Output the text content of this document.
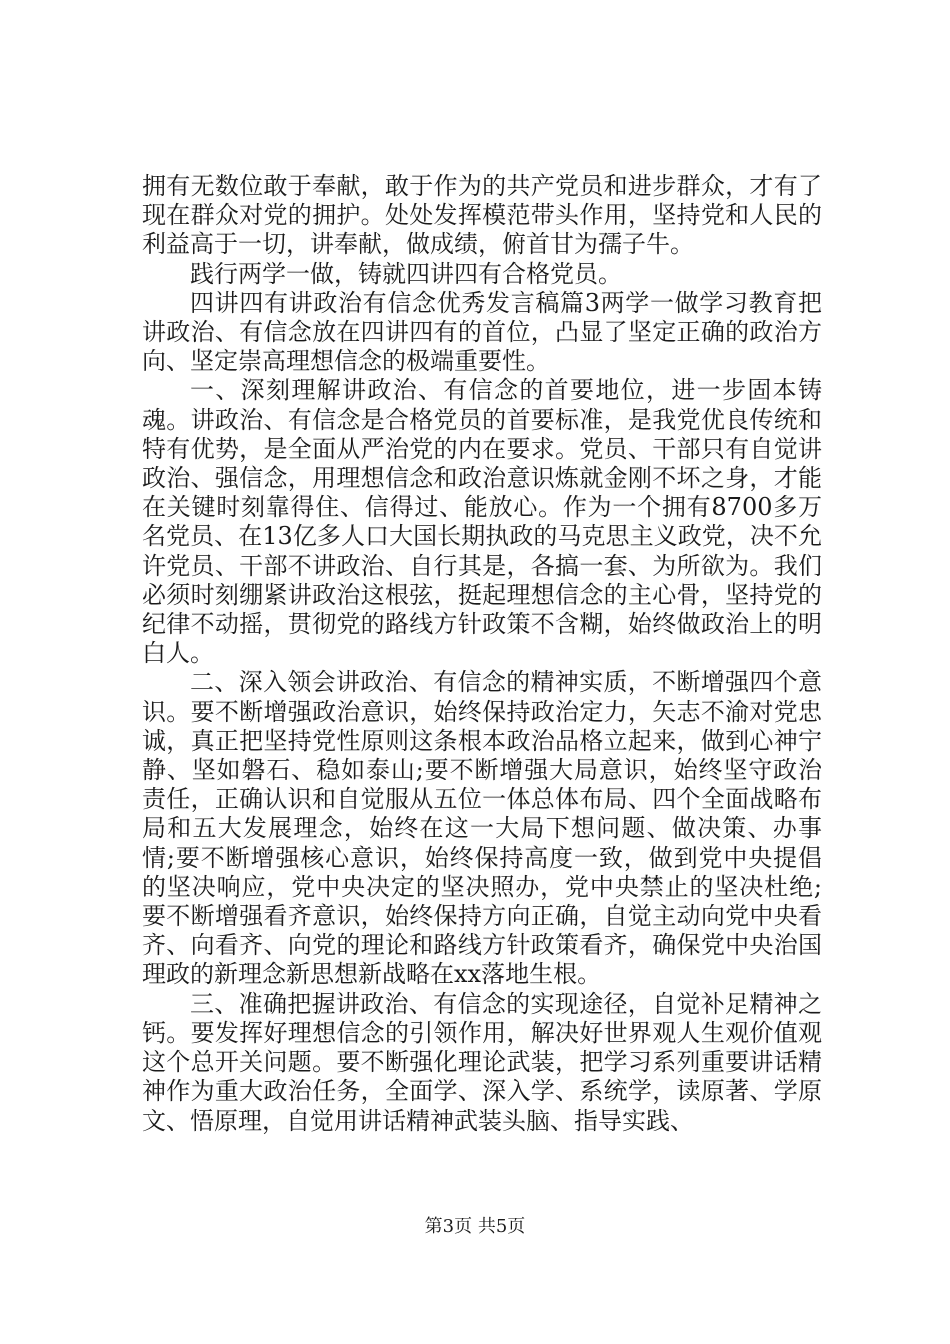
拥有无数位敢于奉献，敢于作为的共产党员和进步群众，才有了现在群众对党的拥护。处处发挥模范带头作用，坚持党和人民的利益高于一切，讲奉献，做成绩，俯首甘为孺子牛。

践行两学一做，铸就四讲四有合格党员。

四讲四有讲政治有信念优秀发言稿篇3两学一做学习教育把讲政治、有信念放在四讲四有的首位，凸显了坚定正确的政治方向、坚定崇高理想信念的极端重要性。

一、深刻理解讲政治、有信念的首要地位，进一步固本铸魂。讲政治、有信念是合格党员的首要标准，是我党优良传统和特有优势，是全面从严治党的内在要求。党员、干部只有自觉讲政治、强信念，用理想信念和政治意识炼就金刚不坏之身，才能在关键时刻靠得住、信得过、能放心。作为一个拥有8700多万名党员、在13亿多人口大国长期执政的马克思主义政党，决不允许党员、干部不讲政治、自行其是，各搞一套、为所欲为。我们必须时刻绷紧讲政治这根弦，挺起理想信念的主心骨，坚持党的纪律不动摇，贯彻党的路线方针政策不含糊，始终做政治上的明白人。

二、深入领会讲政治、有信念的精神实质，不断增强四个意识。要不断增强政治意识，始终保持政治定力，矢志不渝对党忠诚，真正把坚持党性原则这条根本政治品格立起来，做到心神宁静、坚如磐石、稳如泰山;要不断增强大局意识，始终坚守政治责任，正确认识和自觉服从五位一体总体布局、四个全面战略布局和五大发展理念，始终在这一大局下想问题、做决策、办事情;要不断增强核心意识，始终保持高度一致，做到党中央提倡的坚决响应，党中央决定的坚决照办，党中央禁止的坚决杜绝;要不断增强看齐意识，始终保持方向正确，自觉主动向党中央看齐、向看齐、向党的理论和路线方针政策看齐，确保党中央治国理政的新理念新思想新战略在xx落地生根。

三、准确把握讲政治、有信念的实现途径，自觉补足精神之钙。要发挥好理想信念的引领作用，解决好世界观人生观价值观这个总开关问题。要不断强化理论武装，把学习系列重要讲话精神作为重大政治任务，全面学、深入学、系统学，读原著、学原文、悟原理，自觉用讲话精神武装头脑、指导实践、

第3页 共5页
